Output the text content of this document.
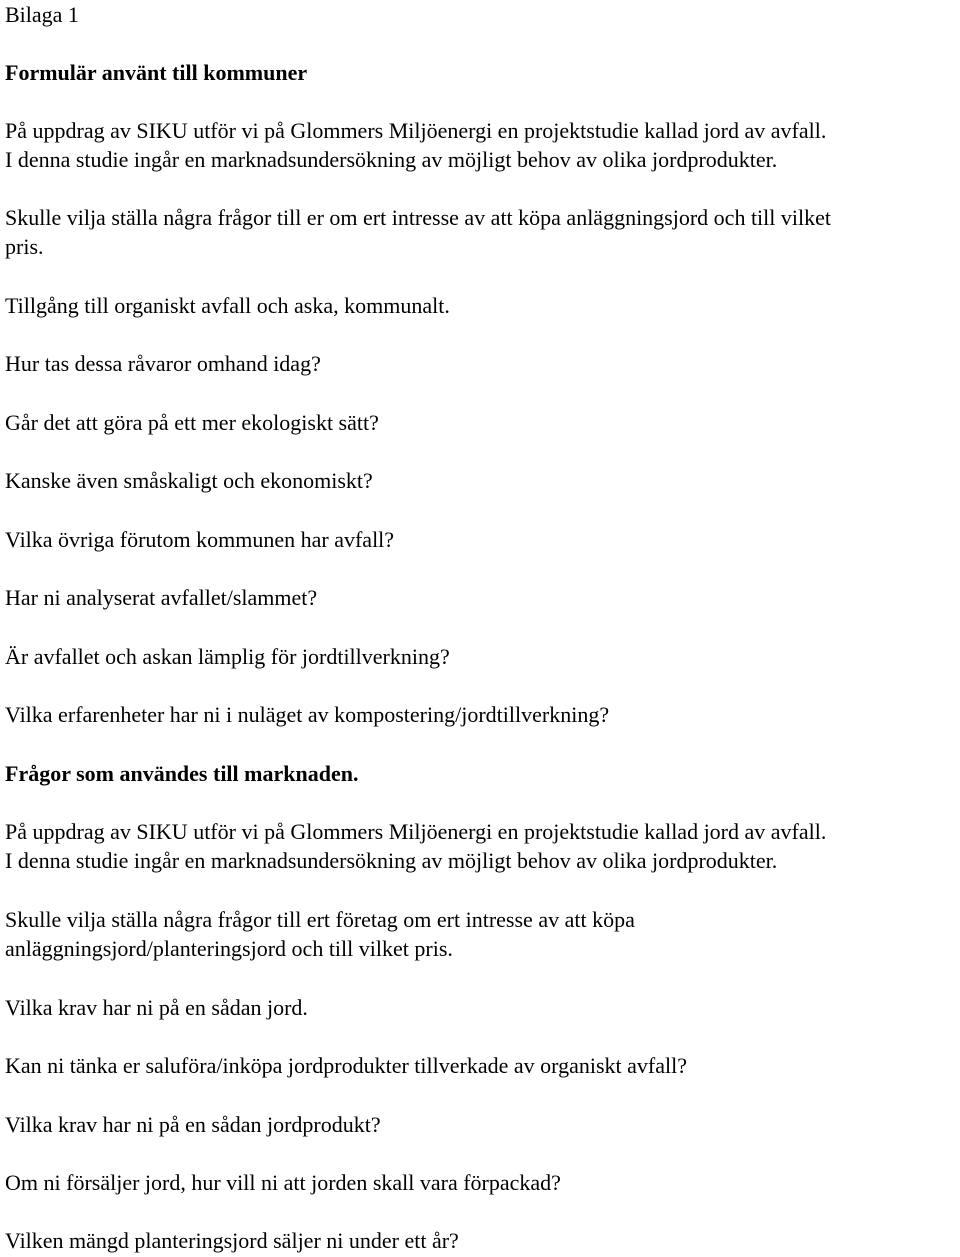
Bilaga 1

Formulär använt till kommuner

På uppdrag av SIKU utför vi på Glommers Miljöenergi en projektstudie kallad jord av avfall.

I denna studie ingår en marknadsundersökning av möjligt behov av olika jordprodukter.

Skulle vilja ställa några frågor till er om ert intresse av att köpa anläggningsjord och till vilket

pris.

Tillgång till organiskt avfall och aska, kommunalt.

Hur tas dessa råvaror omhand idag?

Går det att göra på ett mer ekologiskt sätt?

Kanske även småskaligt och ekonomiskt?

Vilka övriga förutom kommunen har avfall?

Har ni analyserat avfallet/slammet?

Är avfallet och askan lämplig för jordtillverkning?

Vilka erfarenheter har ni i nuläget av kompostering/jordtillverkning?

Frågor som användes till marknaden.

På uppdrag av SIKU utför vi på Glommers Miljöenergi en projektstudie kallad jord av avfall.

I denna studie ingår en marknadsundersökning av möjligt behov av olika jordprodukter.

Skulle vilja ställa några frågor till ert företag om ert intresse av att köpa

anläggningsjord/planteringsjord och till vilket pris.

Vilka krav har ni på en sådan jord.

Kan ni tänka er saluföra/inköpa jordprodukter tillverkade av organiskt avfall?

Vilka krav har ni på en sådan jordprodukt?

Om ni försäljer jord, hur vill ni att jorden skall vara förpackad?

Vilken mängd planteringsjord säljer ni under ett år?
